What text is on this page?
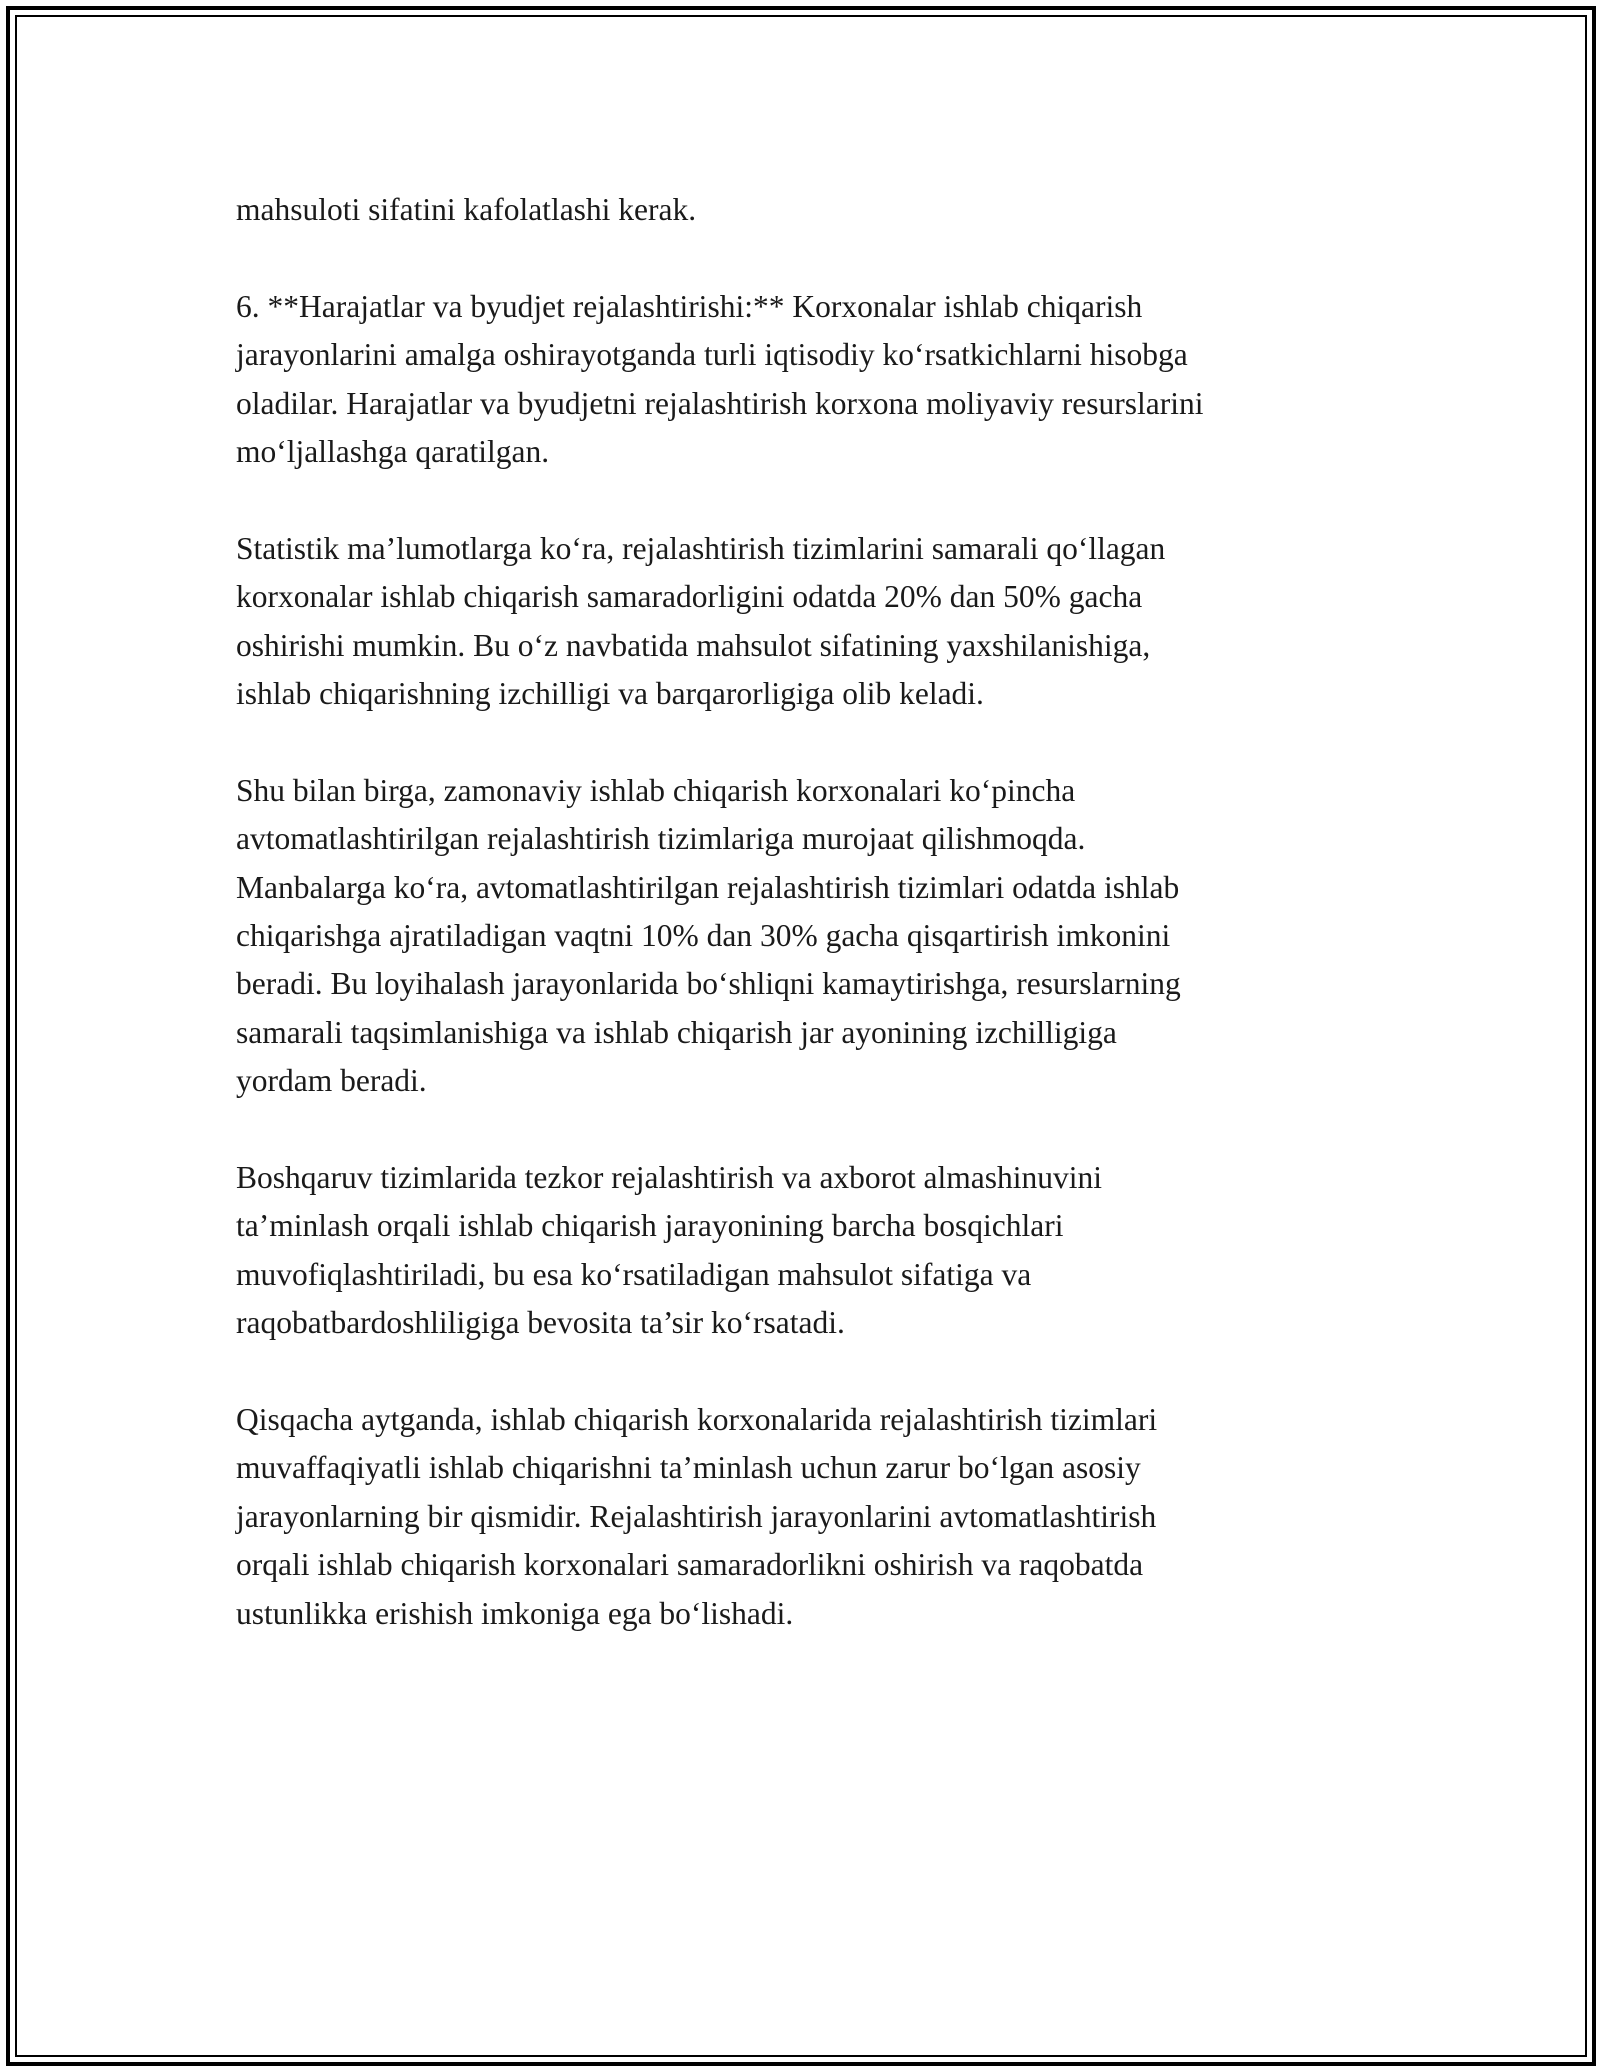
mahsuloti sifatini kafolatlashi kerak.

6. **Harajatlar va byudjet rejalashtirishi:** Korxonalar ishlab chiqarish
jarayonlarini amalga oshirayotganda turli iqtisodiy ko‘rsatkichlarni hisobga
oladilar. Harajatlar va byudjetni rejalashtirish korxona moliyaviy resurslarini
mo‘ljallashga qaratilgan.

Statistik ma’lumotlarga ko‘ra, rejalashtirish tizimlarini samarali qo‘llagan
korxonalar ishlab chiqarish samaradorligini odatda 20% dan 50% gacha
oshirishi mumkin. Bu o‘z navbatida mahsulot sifatining yaxshilanishiga,
ishlab chiqarishning izchilligi va barqarorligiga olib keladi.

Shu bilan birga, zamonaviy ishlab chiqarish korxonalari ko‘pincha
avtomatlashtirilgan rejalashtirish tizimlariga murojaat qilishmoqda.
Manbalarga ko‘ra, avtomatlashtirilgan rejalashtirish tizimlari odatda ishlab
chiqarishga ajratiladigan vaqtni 10% dan 30% gacha qisqartirish imkonini
beradi. Bu loyihalash jarayonlarida bo‘shliqni kamaytirishga, resurslarning
samarali taqsimlanishiga va ishlab chiqarish jar ayonining izchilligiga
yordam beradi.

Boshqaruv tizimlarida tezkor rejalashtirish va axborot almashinuvini
ta’minlash orqali ishlab chiqarish jarayonining barcha bosqichlari
muvofiqlashtiriladi, bu esa ko‘rsatiladigan mahsulot sifatiga va
raqobatbardoshliligiga bevosita ta’sir ko‘rsatadi.

Qisqacha aytganda, ishlab chiqarish korxonalarida rejalashtirish tizimlari
muvaffaqiyatli ishlab chiqarishni ta’minlash uchun zarur bo‘lgan asosiy
jarayonlarning bir qismidir. Rejalashtirish jarayonlarini avtomatlashtirish
orqali ishlab chiqarish korxonalari samaradorlikni oshirish va raqobatda
ustunlikka erishish imkoniga ega bo‘lishadi.
